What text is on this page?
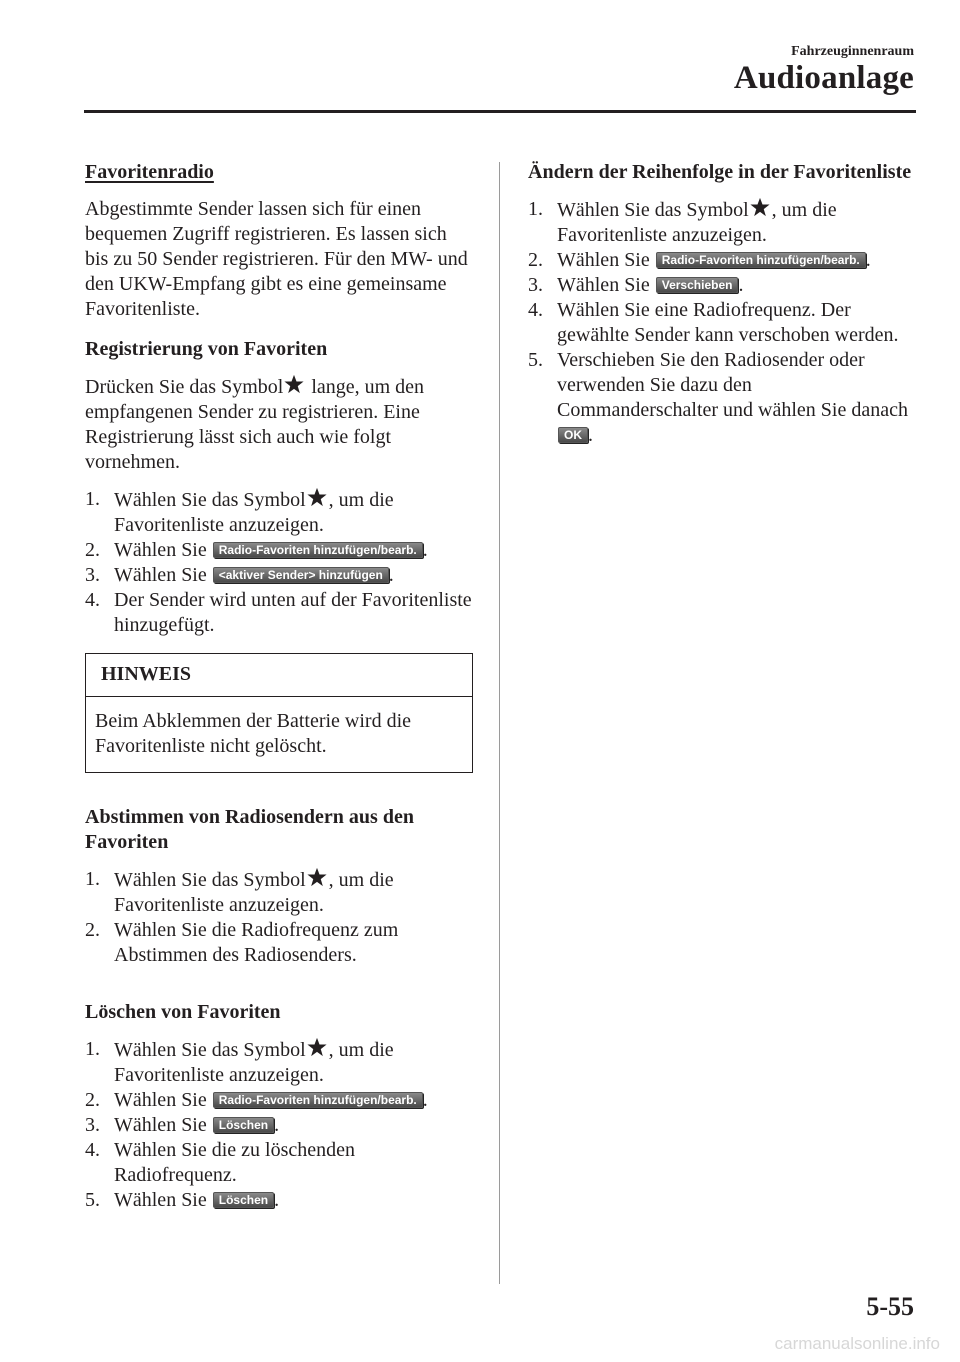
Fahrzeuginnenraum
Audioanlage
Favoritenradio

Abgestimmte Sender lassen sich für einen bequemen Zugriff registrieren. Es lassen sich bis zu 50 Sender registrieren. Für den MW- und den UKW-Empfang gibt es eine gemeinsame Favoritenliste.

Registrierung von Favoriten

Drücken Sie das Symbol lange, um den empfangenen Sender zu registrieren. Eine Registrierung lässt sich auch wie folgt vornehmen.

1. Wählen Sie das Symbol , um die Favoritenliste anzuzeigen.
2. Wählen Sie Radio-Favoriten hinzufügen/bearb. .
3. Wählen Sie <aktiver Sender> hinzufügen .
4. Der Sender wird unten auf der Favoritenliste hinzugefügt.
HINWEIS
Beim Abklemmen der Batterie wird die Favoritenliste nicht gelöscht.
Abstimmen von Radiosendern aus den Favoriten
1. Wählen Sie das Symbol , um die Favoritenliste anzuzeigen.
2. Wählen Sie die Radiofrequenz zum Abstimmen des Radiosenders.
Löschen von Favoriten
1. Wählen Sie das Symbol , um die Favoritenliste anzuzeigen.
2. Wählen Sie Radio-Favoriten hinzufügen/bearb. .
3. Wählen Sie Löschen .
4. Wählen Sie die zu löschenden Radiofrequenz.
5. Wählen Sie Löschen .
Ändern der Reihenfolge in der Favoritenliste
1. Wählen Sie das Symbol , um die Favoritenliste anzuzeigen.
2. Wählen Sie Radio-Favoriten hinzufügen/bearb. .
3. Wählen Sie Verschieben .
4. Wählen Sie eine Radiofrequenz. Der gewählte Sender kann verschoben werden.
5. Verschieben Sie den Radiosender oder verwenden Sie dazu den Commanderschalter und wählen Sie danach OK .
5-55
carmanualsonline.info
